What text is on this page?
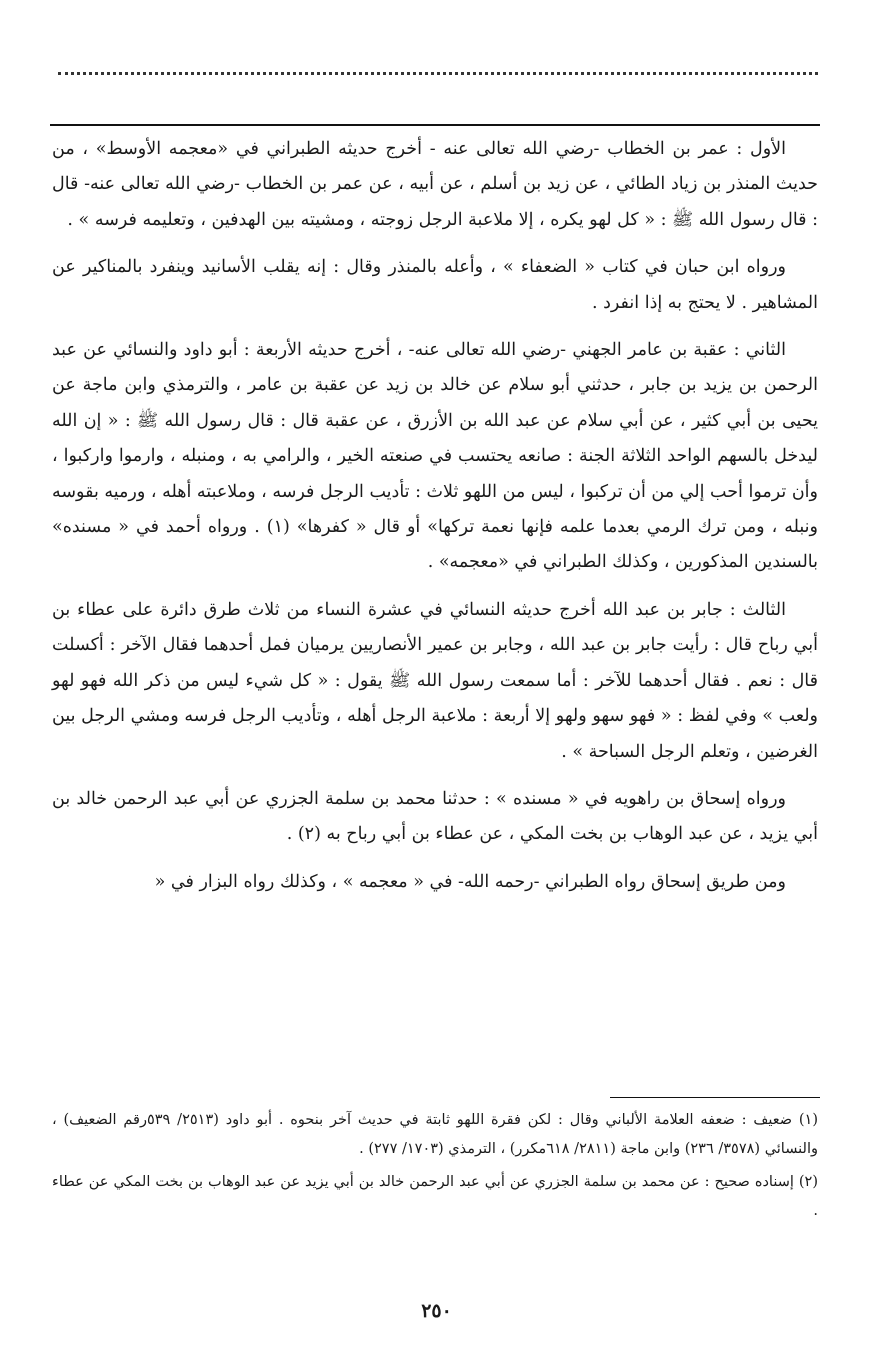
الأول : عمر بن الخطاب -رضي الله تعالى عنه - أخرج حديثه الطبراني في «معجمه الأوسط» ، من حديث المنذر بن زياد الطائي ، عن زيد بن أسلم ، عن أبيه ، عن عمر بن الخطاب -رضي الله تعالى عنه- قال : قال رسول الله ﷺ : « كل لهو يكره ، إلا ملاعبة الرجل زوجته ، ومشيته بين الهدفين ، وتعليمه فرسه » .

ورواه ابن حبان في كتاب « الضعفاء » ، وأعله بالمنذر وقال : إنه يقلب الأسانيد وينفرد بالمناكير عن المشاهير . لا يحتج به إذا انفرد .

الثاني : عقبة بن عامر الجهني -رضي الله تعالى عنه- ، أخرج حديثه الأربعة : أبو داود والنسائي عن عبد الرحمن بن يزيد بن جابر ، حدثني أبو سلام عن خالد بن زيد عن عقبة بن عامر ، والترمذي وابن ماجة عن يحيى بن أبي كثير ، عن أبي سلام عن عبد الله بن الأزرق ، عن عقبة قال : قال رسول الله ﷺ : « إن الله ليدخل بالسهم الواحد الثلاثة الجنة : صانعه يحتسب في صنعته الخير ، والرامي به ، ومنبله ، وارموا واركبوا ، وأن ترموا أحب إلي من أن تركبوا ، ليس من اللهو ثلاث : تأديب الرجل فرسه ، وملاعبته أهله ، ورميه بقوسه ونبله ، ومن ترك الرمي بعدما علمه فإنها نعمة تركها» أو قال « كفرها» (١) . ورواه أحمد في « مسنده» بالسندين المذكورين ، وكذلك الطبراني في «معجمه» .

الثالث : جابر بن عبد الله أخرج حديثه النسائي في عشرة النساء من ثلاث طرق دائرة على عطاء بن أبي رباح قال : رأيت جابر بن عبد الله ، وجابر بن عمير الأنصاريين يرميان فمل أحدهما فقال الآخر : أكسلت قال : نعم . فقال أحدهما للآخر : أما سمعت رسول الله ﷺ يقول : « كل شيء ليس من ذكر الله فهو لهو ولعب » وفي لفظ : « فهو سهو ولهو إلا أربعة : ملاعبة الرجل أهله ، وتأديب الرجل فرسه ومشي الرجل بين الغرضين ، وتعلم الرجل السباحة » .

ورواه إسحاق بن راهويه في « مسنده » : حدثنا محمد بن سلمة الجزري عن أبي عبد الرحمن خالد بن أبي يزيد ، عن عبد الوهاب بن بخت المكي ، عن عطاء بن أبي رباح به (٢) .

ومن طريق إسحاق رواه الطبراني -رحمه الله- في « معجمه » ، وكذلك رواه البزار في «

(١) ضعيف : ضعفه العلامة الألباني وقال : لكن فقرة اللهو ثابتة في حديث آخر بنحوه . أبو داود (٢٥١٣/ ٥٣٩رقم الضعيف) ، والنسائي (٣٥٧٨/ ٢٣٦) وابن ماجة (٢٨١١/ ٦١٨مكرر) ، الترمذي (١٧٠٣/ ٢٧٧) .

(٢) إسناده صحيح : عن محمد بن سلمة الجزري عن أبي عبد الرحمن خالد بن أبي يزيد عن عبد الوهاب بن بخت المكي عن عطاء .

٢٥٠
